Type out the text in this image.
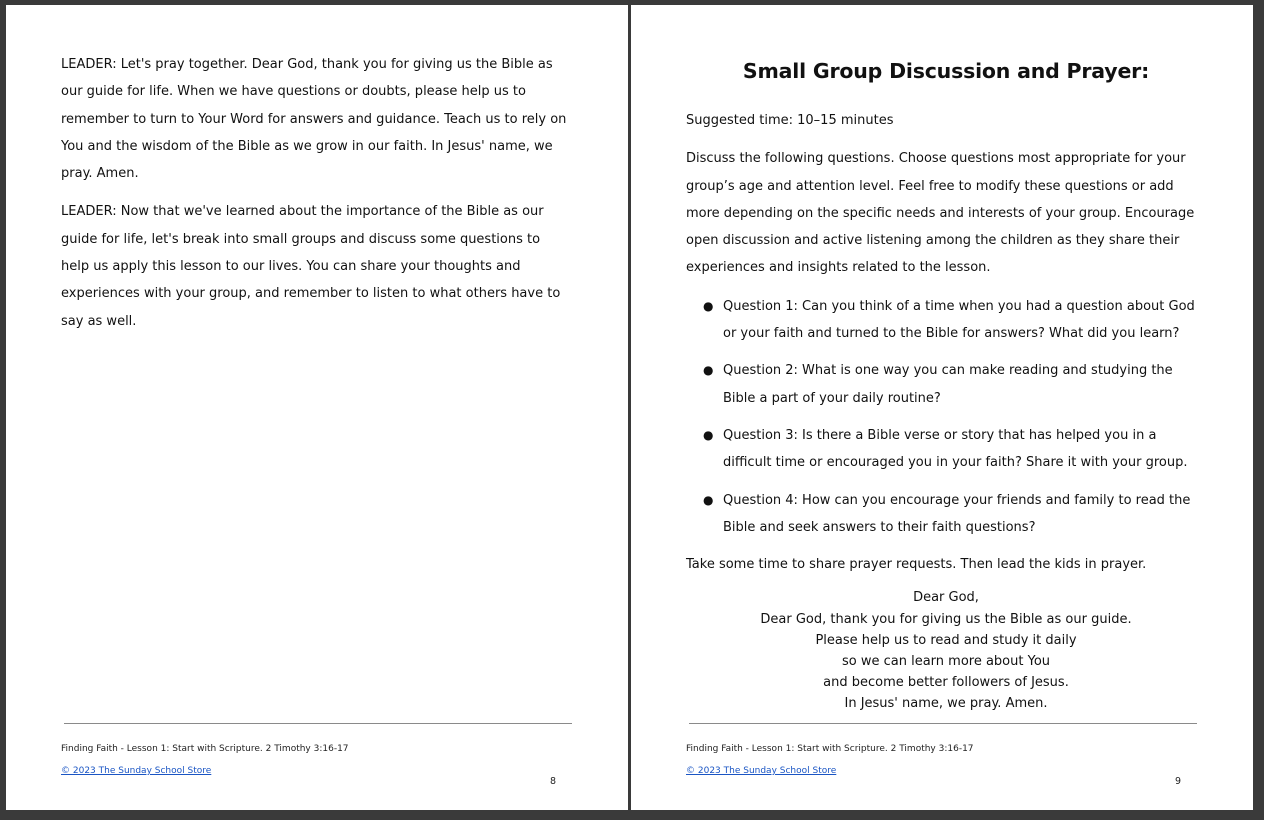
LEADER: Let's pray together. Dear God, thank you for giving us the Bible as our guide for life. When we have questions or doubts, please help us to remember to turn to Your Word for answers and guidance. Teach us to rely on You and the wisdom of the Bible as we grow in our faith. In Jesus' name, we pray. Amen.

LEADER: Now that we've learned about the importance of the Bible as our guide for life, let's break into small groups and discuss some questions to help us apply this lesson to our lives. You can share your thoughts and experiences with your group, and remember to listen to what others have to say as well.

Finding Faith - Lesson 1: Start with Scripture. 2 Timothy 3:16-17
© 2023 The Sunday School Store
8
Small Group Discussion and Prayer:

Suggested time: 10–15 minutes

Discuss the following questions. Choose questions most appropriate for your group’s age and attention level. Feel free to modify these questions or add more depending on the specific needs and interests of your group. Encourage open discussion and active listening among the children as they share their experiences and insights related to the lesson.

● Question 1: Can you think of a time when you had a question about God or your faith and turned to the Bible for answers? What did you learn?
● Question 2: What is one way you can make reading and studying the Bible a part of your daily routine?
● Question 3: Is there a Bible verse or story that has helped you in a difficult time or encouraged you in your faith? Share it with your group.
● Question 4: How can you encourage your friends and family to read the Bible and seek answers to their faith questions?

Take some time to share prayer requests. Then lead the kids in prayer.

Dear God,
Dear God, thank you for giving us the Bible as our guide.
Please help us to read and study it daily
so we can learn more about You
and become better followers of Jesus.
In Jesus' name, we pray. Amen.
Finding Faith - Lesson 1: Start with Scripture. 2 Timothy 3:16-17
© 2023 The Sunday School Store
9
